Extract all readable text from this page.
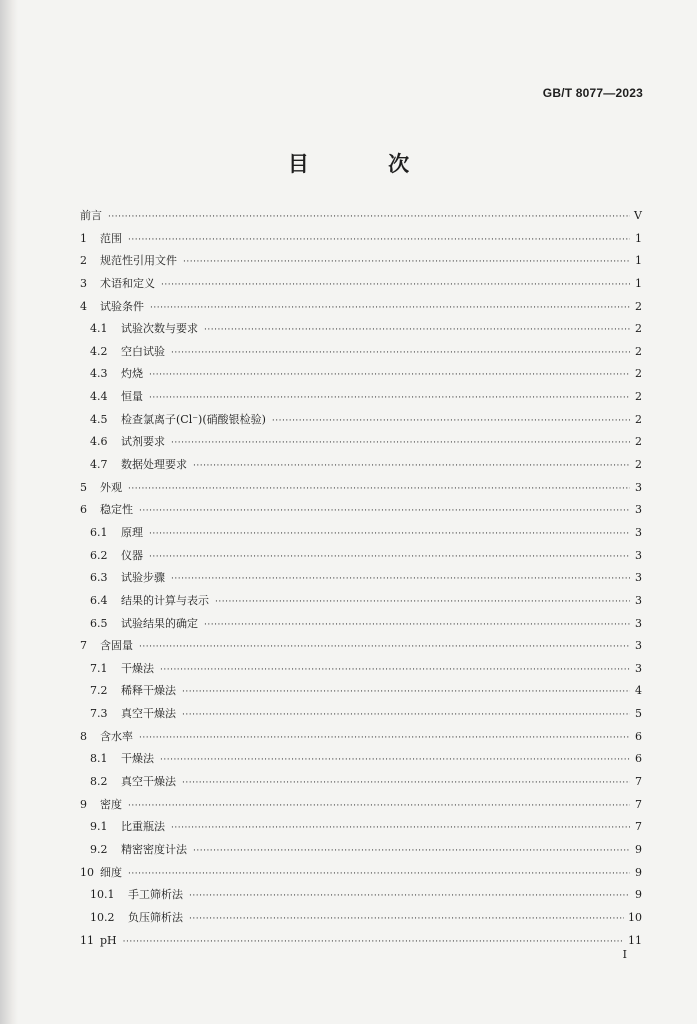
GB/T 8077—2023
目 次
前言 ·····	V
1	范围 ·····	1
2	规范性引用文件 ·····	1
3	术语和定义 ·····	1
4	试验条件 ·····	2
4.1	试验次数与要求 ·····	2
4.2	空白试验 ·····	2
4.3	灼烧 ·····	2
4.4	恒量 ·····	2
4.5	检查氯离子(Cl⁻)(硝酸银检验) ·····	2
4.6	试剂要求 ·····	2
4.7	数据处理要求 ·····	2
5	外观 ·····	3
6	稳定性 ·····	3
6.1	原理 ·····	3
6.2	仪器 ·····	3
6.3	试验步骤 ·····	3
6.4	结果的计算与表示 ·····	3
6.5	试验结果的确定 ·····	3
7	含固量 ·····	3
7.1	干燥法 ·····	3
7.2	稀释干燥法 ·····	4
7.3	真空干燥法 ·····	5
8	含水率 ·····	6
8.1	干燥法 ·····	6
8.2	真空干燥法 ·····	7
9	密度 ·····	7
9.1	比重瓶法 ·····	7
9.2	精密密度计法 ·····	9
10 细度 ·····	9
10.1	手工筛析法 ·····	9
10.2	负压筛析法 ·····	10
11 pH ·····	11
I
